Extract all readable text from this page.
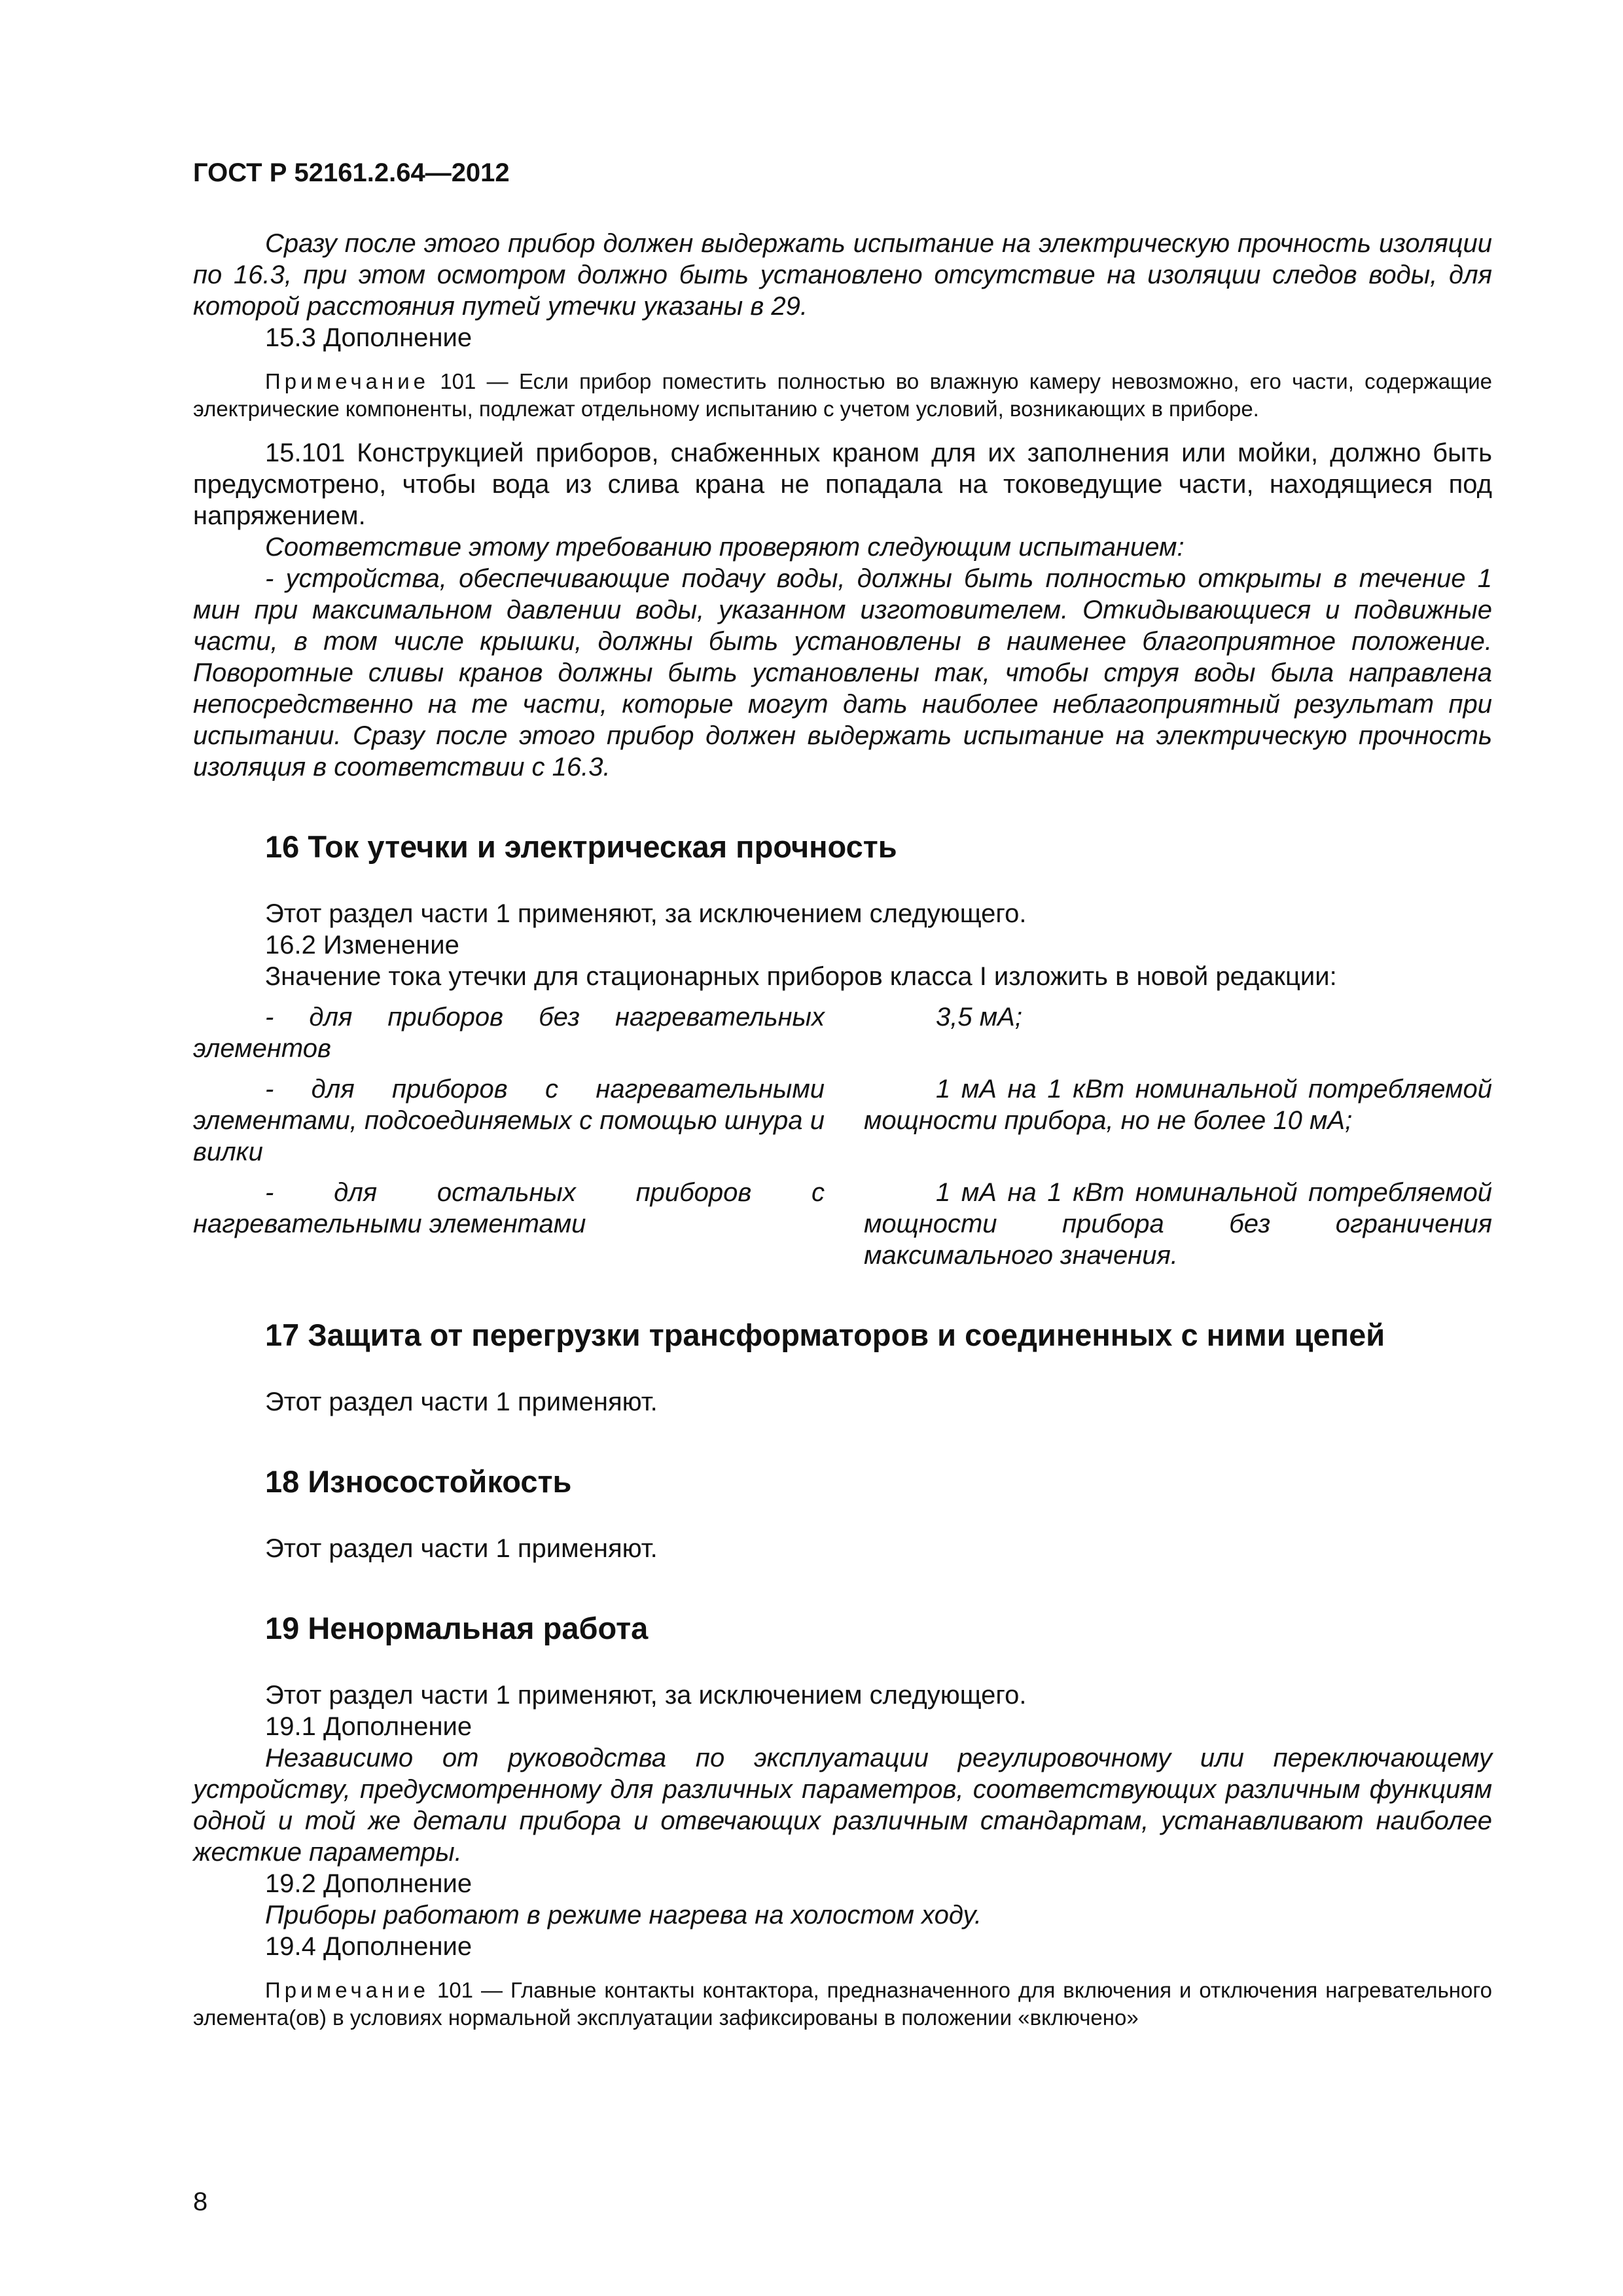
ГОСТ Р 52161.2.64—2012

Сразу после этого прибор должен выдержать испытание на электрическую прочность изоляции по 16.3, при этом осмотром должно быть установлено отсутствие на изоляции следов воды, для которой расстояния путей утечки указаны в 29.

15.3 Дополнение

Примечание 101 — Если прибор поместить полностью во влажную камеру невозможно, его части, содержащие электрические компоненты, подлежат отдельному испытанию с учетом условий, возникающих в приборе.

15.101 Конструкцией приборов, снабженных краном для их заполнения или мойки, должно быть предусмотрено, чтобы вода из слива крана не попадала на токоведущие части, находящиеся под напряжением.

Соответствие этому требованию проверяют следующим испытанием:

- устройства, обеспечивающие подачу воды, должны быть полностью открыты в течение 1 мин при максимальном давлении воды, указанном изготовителем. Откидывающиеся и подвижные части, в том числе крышки, должны быть установлены в наименее благоприятное положение. Поворотные сливы кранов должны быть установлены так, чтобы струя воды была направлена непосредственно на те части, которые могут дать наиболее неблагоприятный результат при испытании. Сразу после этого прибор должен выдержать испытание на электрическую прочность изоляция в соответствии с 16.3.

16 Ток утечки и электрическая прочность

Этот раздел части 1 применяют, за исключением следующего.

16.2 Изменение

Значение тока утечки для стационарных приборов класса I изложить в новой редакции:

- для приборов без нагревательных элементов
3,5 мА;
- для приборов с нагревательными элементами, подсоединяемых с помощью шнура и вилки
1 мА на 1 кВт номинальной потребляемой мощности прибора, но не более 10 мА;
- для остальных приборов с нагревательными элементами
1 мА на 1 кВт номинальной потребляемой мощности прибора без ограничения максимального значения.
17 Защита от перегрузки трансформаторов и соединенных с ними цепей

Этот раздел части 1 применяют.

18 Износостойкость

Этот раздел части 1 применяют.

19 Ненормальная работа

Этот раздел части 1 применяют, за исключением следующего.

19.1 Дополнение

Независимо от руководства по эксплуатации регулировочному или переключающему устройству, предусмотренному для различных параметров, соответствующих различным функциям одной и той же детали прибора и отвечающих различным стандартам, устанавливают наиболее жесткие параметры.

19.2 Дополнение

Приборы работают в режиме нагрева на холостом ходу.

19.4 Дополнение

Примечание 101 — Главные контакты контактора, предназначенного для включения и отключения нагревательного элемента(ов) в условиях нормальной эксплуатации зафиксированы в положении «включено»

8
